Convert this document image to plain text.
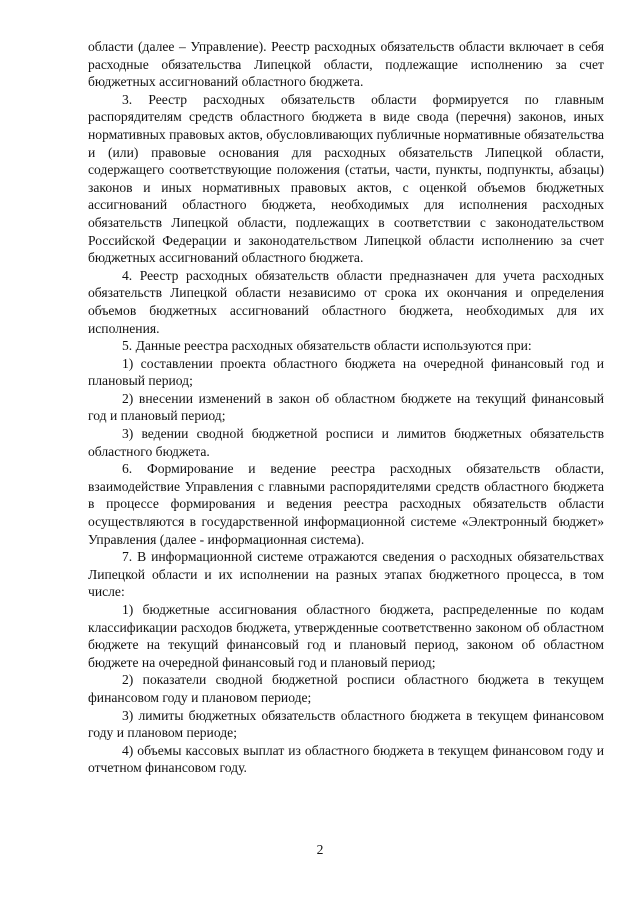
области (далее – Управление). Реестр расходных обязательств области включает в себя расходные обязательства Липецкой области, подлежащие исполнению за счет бюджетных ассигнований областного бюджета.

3. Реестр расходных обязательств области формируется по главным распорядителям средств областного бюджета в виде свода (перечня) законов, иных нормативных правовых актов, обусловливающих публичные нормативные обязательства и (или) правовые основания для расходных обязательств Липецкой области, содержащего соответствующие положения (статьи, части, пункты, подпункты, абзацы) законов и иных нормативных правовых актов, с оценкой объемов бюджетных ассигнований областного бюджета, необходимых для исполнения расходных обязательств Липецкой области, подлежащих в соответствии с законодательством Российской Федерации и законодательством Липецкой области исполнению за счет бюджетных ассигнований областного бюджета.

4. Реестр расходных обязательств области предназначен для учета расходных обязательств Липецкой области независимо от срока их окончания и определения объемов бюджетных ассигнований областного бюджета, необходимых для их исполнения.

5. Данные реестра расходных обязательств области используются при:

1) составлении проекта областного бюджета на очередной финансовый год и плановый период;

2) внесении изменений в закон об областном бюджете на текущий финансовый год и плановый период;

3) ведении сводной бюджетной росписи и лимитов бюджетных обязательств областного бюджета.

6. Формирование и ведение реестра расходных обязательств области, взаимодействие Управления с главными распорядителями средств областного бюджета в процессе формирования и ведения реестра расходных обязательств области осуществляются в государственной информационной системе «Электронный бюджет» Управления (далее - информационная система).

7. В информационной системе отражаются сведения о расходных обязательствах Липецкой области и их исполнении на разных этапах бюджетного процесса, в том числе:

1) бюджетные ассигнования областного бюджета, распределенные по кодам классификации расходов бюджета, утвержденные соответственно законом об областном бюджете на текущий финансовый год и плановый период, законом об областном бюджете на очередной финансовый год и плановый период;

2) показатели сводной бюджетной росписи областного бюджета в текущем финансовом году и плановом периоде;

3) лимиты бюджетных обязательств областного бюджета в текущем финансовом году и плановом периоде;

4) объемы кассовых выплат из областного бюджета в текущем финансовом году и отчетном финансовом году.

2
